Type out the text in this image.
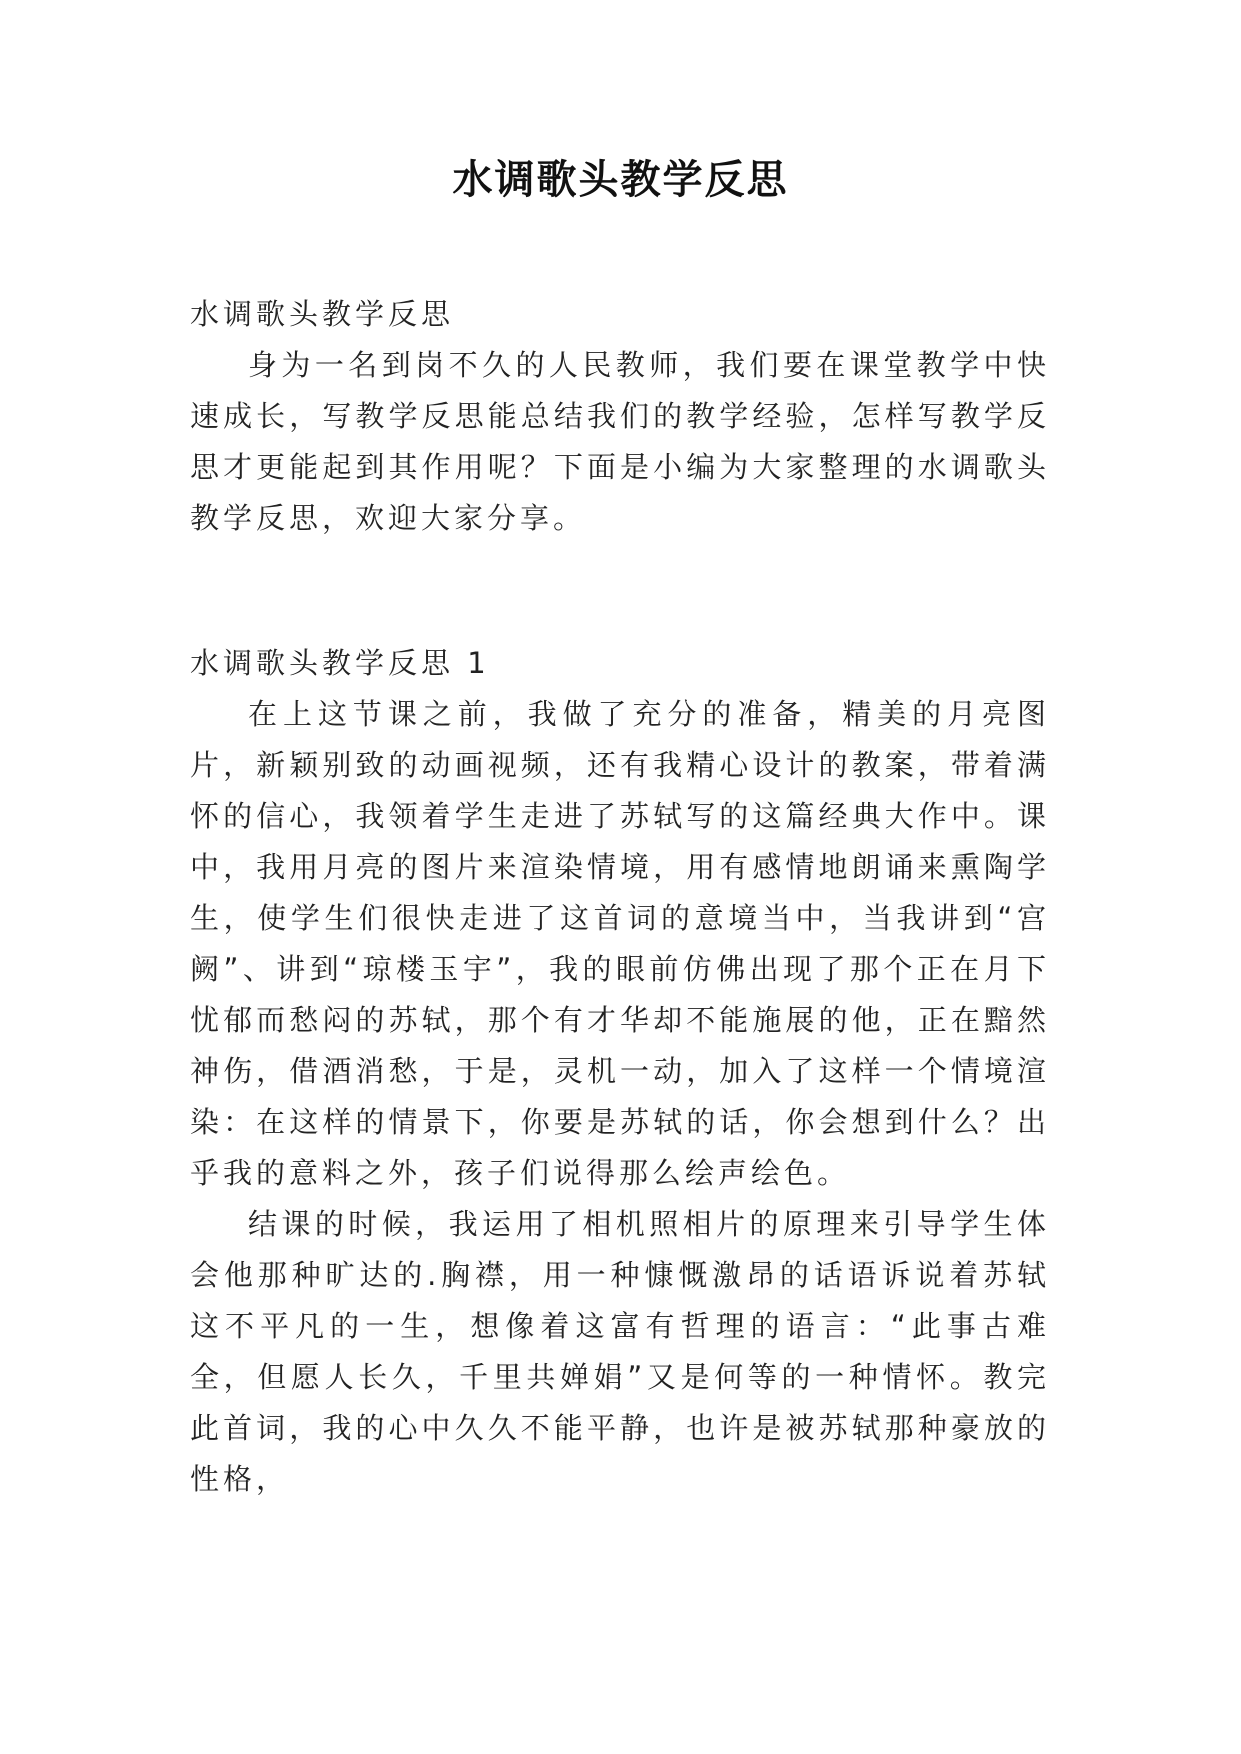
水调歌头教学反思

水调歌头教学反思

身为一名到岗不久的人民教师，我们要在课堂教学中快速成长，写教学反思能总结我们的教学经验，怎样写教学反思才更能起到其作用呢？下面是小编为大家整理的水调歌头教学反思，欢迎大家分享。

水调歌头教学反思 1

在上这节课之前，我做了充分的准备，精美的月亮图片，新颖别致的动画视频，还有我精心设计的教案，带着满怀的信心，我领着学生走进了苏轼写的这篇经典大作中。课中，我用月亮的图片来渲染情境，用有感情地朗诵来熏陶学生，使学生们很快走进了这首词的意境当中，当我讲到“宫阙”、讲到“琼楼玉宇”，我的眼前仿佛出现了那个正在月下忧郁而愁闷的苏轼，那个有才华却不能施展的他，正在黯然神伤，借酒消愁，于是，灵机一动，加入了这样一个情境渲染：在这样的情景下，你要是苏轼的话，你会想到什么？出乎我的意料之外，孩子们说得那么绘声绘色。

结课的时候，我运用了相机照相片的原理来引导学生体会他那种旷达的.胸襟，用一种慷慨激昂的话语诉说着苏轼这不平凡的一生，想像着这富有哲理的语言：“此事古难全，但愿人长久，千里共婵娟”又是何等的一种情怀。教完此首词，我的心中久久不能平静，也许是被苏轼那种豪放的性格，
